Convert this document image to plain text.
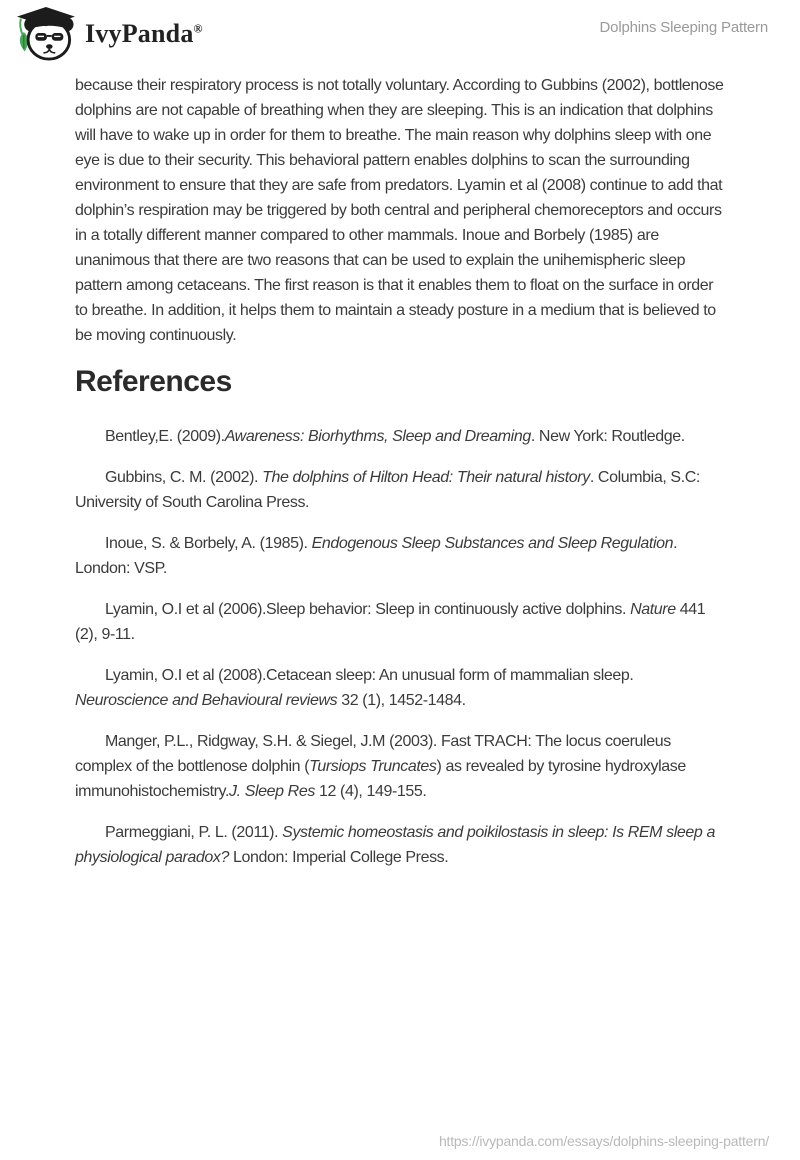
IvyPanda®	Dolphins Sleeping Pattern

because their respiratory process is not totally voluntary. According to Gubbins (2002), bottlenose dolphins are not capable of breathing when they are sleeping. This is an indication that dolphins will have to wake up in order for them to breathe. The main reason why dolphins sleep with one eye is due to their security. This behavioral pattern enables dolphins to scan the surrounding environment to ensure that they are safe from predators. Lyamin et al (2008) continue to add that dolphin’s respiration may be triggered by both central and peripheral chemoreceptors and occurs in a totally different manner compared to other mammals. Inoue and Borbely (1985) are unanimous that there are two reasons that can be used to explain the unihemispheric sleep pattern among cetaceans. The first reason is that it enables them to float on the surface in order to breathe. In addition, it helps them to maintain a steady posture in a medium that is believed to be moving continuously.

References

Bentley,E. (2009).Awareness: Biorhythms, Sleep and Dreaming. New York: Routledge.

Gubbins, C. M. (2002). The dolphins of Hilton Head: Their natural history. Columbia, S.C: University of South Carolina Press.

Inoue, S. & Borbely, A. (1985). Endogenous Sleep Substances and Sleep Regulation. London: VSP.

Lyamin, O.I et al (2006).Sleep behavior: Sleep in continuously active dolphins. Nature 441 (2), 9-11.

Lyamin, O.I et al (2008).Cetacean sleep: An unusual form of mammalian sleep. Neuroscience and Behavioural reviews 32 (1), 1452-1484.

Manger, P.L., Ridgway, S.H. & Siegel, J.M (2003). Fast TRACH: The locus coeruleus complex of the bottlenose dolphin (Tursiops Truncates) as revealed by tyrosine hydroxylase immunohistochemistry.J. Sleep Res 12 (4), 149-155.

Parmeggiani, P. L. (2011). Systemic homeostasis and poikilostasis in sleep: Is REM sleep a physiological paradox? London: Imperial College Press.

https://ivypanda.com/essays/dolphins-sleeping-pattern/
